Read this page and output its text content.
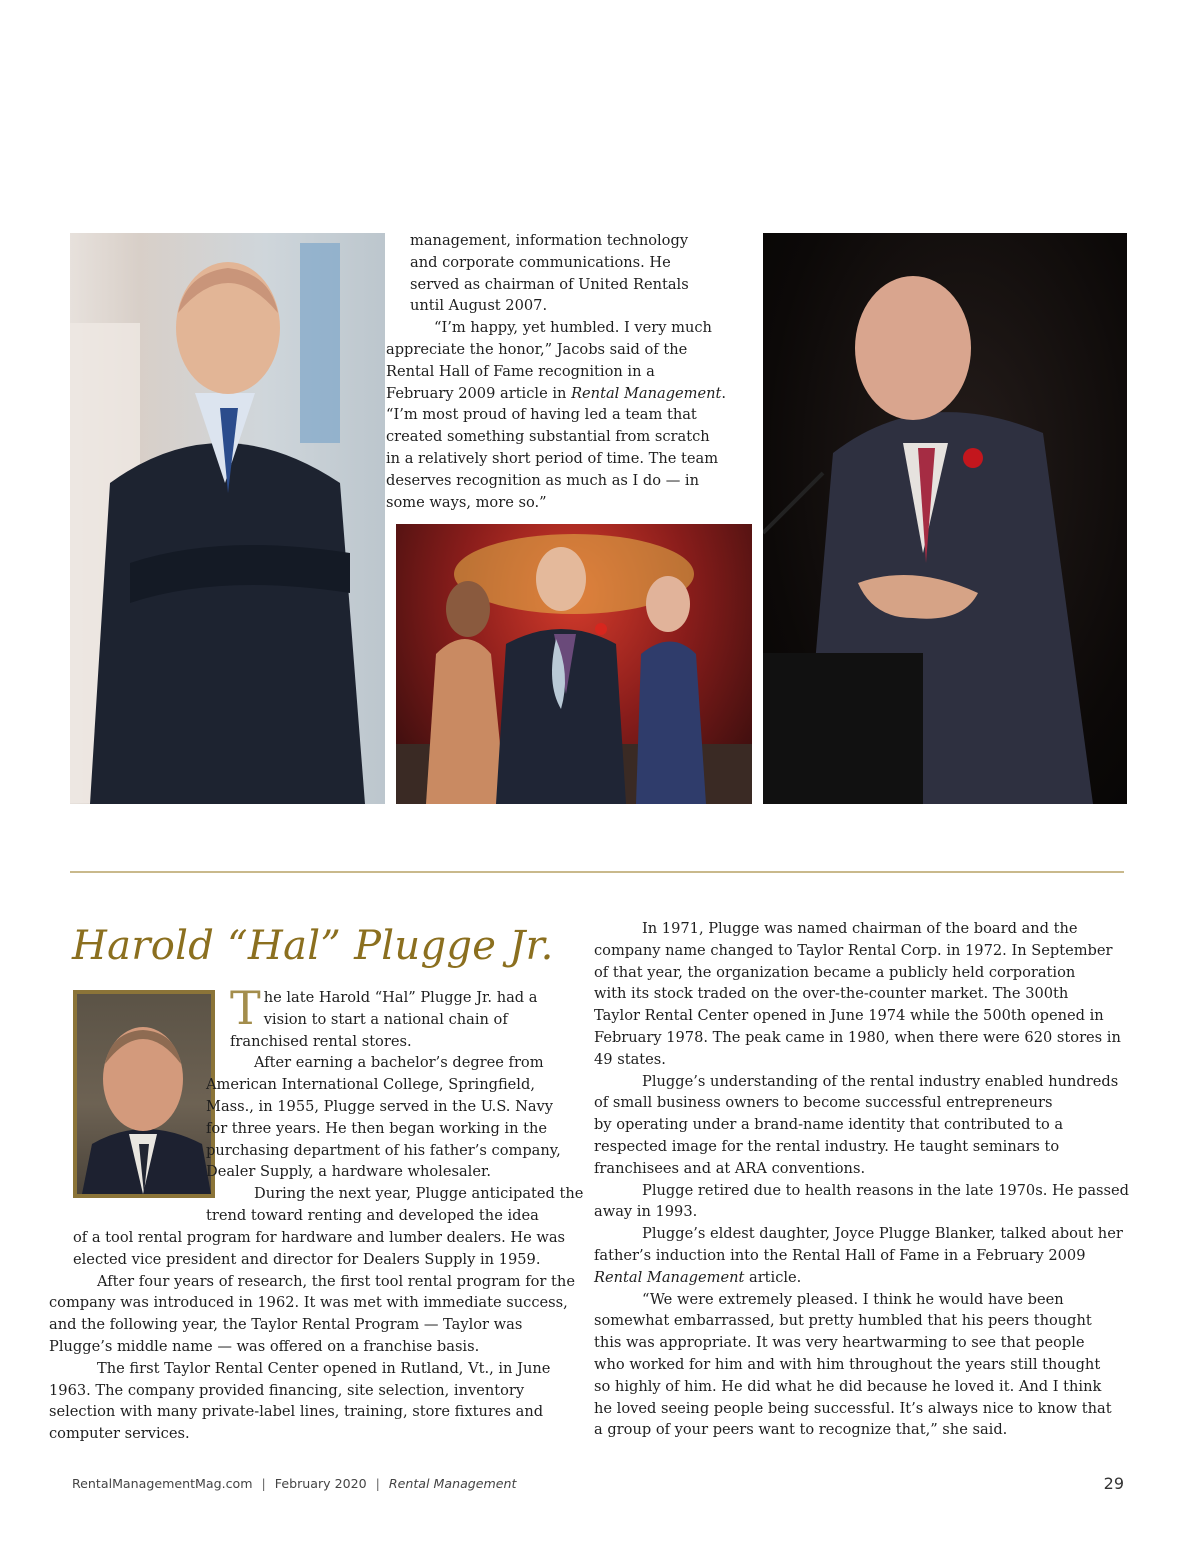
management, information technology
and corporate communications. He
served as chairman of United Rentals
until August 2007.

“I’m happy, yet humbled. I very much
appreciate the honor,” Jacobs said of the
Rental Hall of Fame recognition in a
February 2009 article in Rental Management.
“I’m most proud of having led a team that
created something substantial from scratch
in a relatively short period of time. The team
deserves recognition as much as I do — in
some ways, more so.”

Harold “Hal” Plugge Jr.

The late Harold “Hal” Plugge Jr. had a
vision to start a national chain of
franchised rental stores.

After earning a bachelor’s degree from
American International College, Springfield,
Mass., in 1955, Plugge served in the U.S. Navy
for three years. He then began working in the
purchasing department of his father’s company,
Dealer Supply, a hardware wholesaler.

During the next year, Plugge anticipated the
trend toward renting and developed the idea

of a tool rental program for hardware and lumber dealers. He was
elected vice president and director for Dealers Supply in 1959.

After four years of research, the first tool rental program for the
company was introduced in 1962. It was met with immediate success,
and the following year, the Taylor Rental Program — Taylor was
Plugge’s middle name — was offered on a franchise basis.

The first Taylor Rental Center opened in Rutland, Vt., in June
1963. The company provided financing, site selection, inventory
selection with many private-label lines, training, store fixtures and
computer services.

In 1971, Plugge was named chairman of the board and the
company name changed to Taylor Rental Corp. in 1972. In September
of that year, the organization became a publicly held corporation
with its stock traded on the over-the-counter market. The 300th
Taylor Rental Center opened in June 1974 while the 500th opened in
February 1978. The peak came in 1980, when there were 620 stores in
49 states.

Plugge’s understanding of the rental industry enabled hundreds
of small business owners to become successful entrepreneurs
by operating under a brand-name identity that contributed to a
respected image for the rental industry. He taught seminars to
franchisees and at ARA conventions.

Plugge retired due to health reasons in the late 1970s. He passed
away in 1993.

Plugge’s eldest daughter, Joyce Plugge Blanker, talked about her
father’s induction into the Rental Hall of Fame in a February 2009
Rental Management article.

“We were extremely pleased. I think he would have been
somewhat embarrassed, but pretty humbled that his peers thought
this was appropriate. It was very heartwarming to see that people
who worked for him and with him throughout the years still thought
so highly of him. He did what he did because he loved it. And I think
he loved seeing people being successful. It’s always nice to know that
a group of your peers want to recognize that,” she said.

RentalManagementMag.com | February 2020 | Rental Management	29
